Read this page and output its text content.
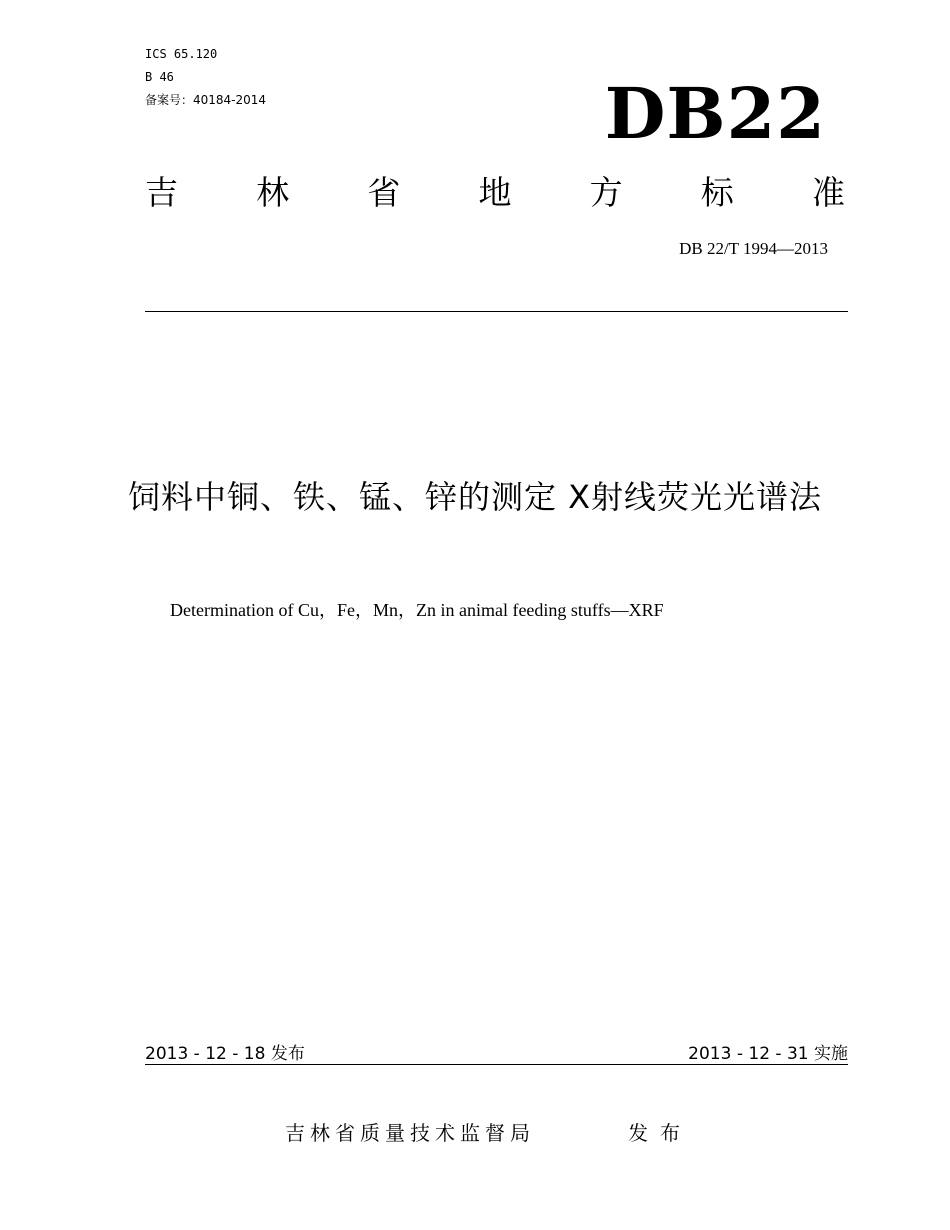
ICS 65.120
B 46
备案号：40184-2014	DB22
吉 林 省 地 方 标 准
DB 22/T 1994—2013
饲料中铜、铁、锰、锌的测定 X射线荧光光谱法
Determination of Cu，Fe，Mn，Zn in animal feeding stuffs—XRF
2013 - 12 - 18 发布	2013 - 12 - 31 实施
吉林省质量技术监督局	发布
